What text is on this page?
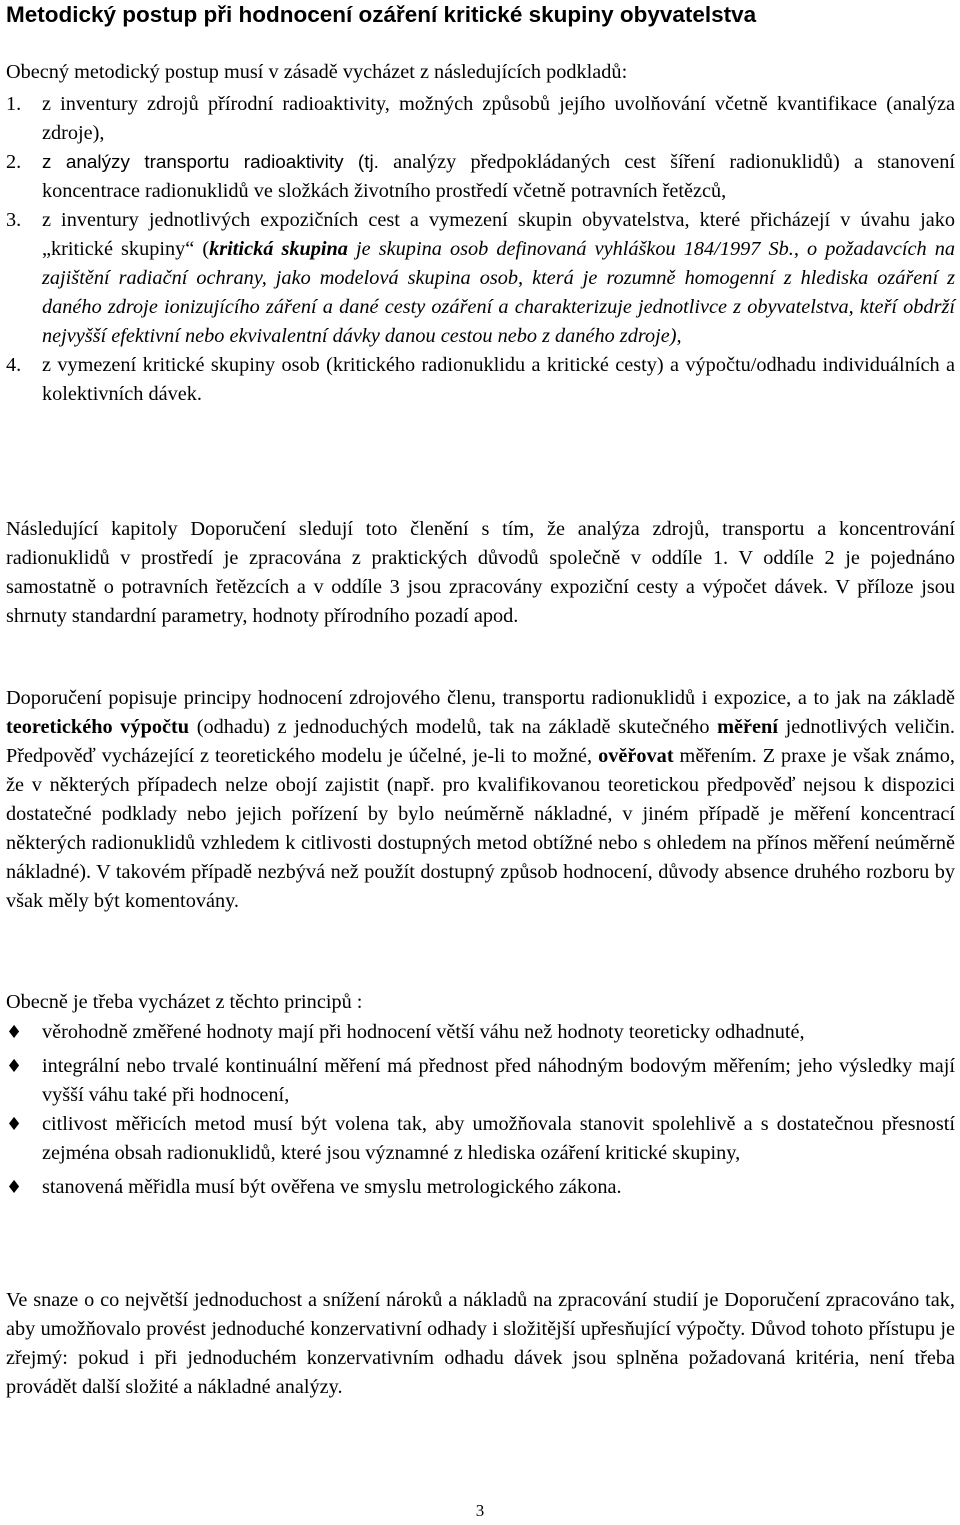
Metodický postup při hodnocení ozáření kritické skupiny obyvatelstva

Obecný metodický postup musí v zásadě vycházet z následujících podkladů:

1. z inventury zdrojů přírodní radioaktivity, možných způsobů jejího uvolňování včetně kvantifikace (analýza zdroje),
2. z analýzy transportu radioaktivity (tj. analýzy předpokládaných cest šíření radionuklidů) a stanovení koncentrace radionuklidů ve složkách životního prostředí včetně potravních řetězců,
3. z inventury jednotlivých expozičních cest a vymezení skupin obyvatelstva, které přicházejí v úvahu jako „kritické skupiny“ (kritická skupina je skupina osob definovaná vyhláškou 184/1997 Sb., o požadavcích na zajištění radiační ochrany, jako modelová skupina osob, která je rozumně homogenní z hlediska ozáření z daného zdroje ionizujícího záření a dané cesty ozáření a charakterizuje jednotlivce z obyvatelstva, kteří obdrží nejvyšší efektivní nebo ekvivalentní dávky danou cestou nebo z daného zdroje),
4. z vymezení kritické skupiny osob (kritického radionuklidu a kritické cesty) a výpočtu/odhadu individuálních a kolektivních dávek.

Následující kapitoly Doporučení sledují toto členění s tím, že analýza zdrojů, transportu a koncentrování radionuklidů v prostředí je zpracována z praktických důvodů společně v oddíle 1. V oddíle 2 je pojednáno samostatně o potravních řetězcích a v oddíle 3 jsou zpracovány expoziční cesty a výpočet dávek. V příloze jsou shrnuty standardní parametry, hodnoty přírodního pozadí apod.

Doporučení popisuje principy hodnocení zdrojového členu, transportu radionuklidů i expozice, a to jak na základě teoretického výpočtu (odhadu) z jednoduchých modelů, tak na základě skutečného měření jednotlivých veličin. Předpověď vycházející z teoretického modelu je účelné, je-li to možné, ověřovat měřením. Z praxe je však známo, že v některých případech nelze obojí zajistit (např. pro kvalifikovanou teoretickou předpověď nejsou k dispozici dostatečné podklady nebo jejich pořízení by bylo neúměrně nákladné, v jiném případě je měření koncentrací některých radionuklidů vzhledem k citlivosti dostupných metod obtížné nebo s ohledem na přínos měření neúměrně nákladné). V takovém případě nezbývá než použít dostupný způsob hodnocení, důvody absence druhého rozboru by však měly být komentovány.

Obecně je třeba vycházet z těchto principů :

♦ věrohodně změřené hodnoty mají při hodnocení větší váhu než hodnoty teoreticky odhadnuté,
♦ integrální nebo trvalé kontinuální měření má přednost před náhodným bodovým měřením; jeho výsledky mají vyšší váhu také při hodnocení,
♦ citlivost měřicích metod musí být volena tak, aby umožňovala stanovit spolehlivě a s dostatečnou přesností zejména obsah radionuklidů, které jsou významné z hlediska ozáření kritické skupiny,
♦ stanovená měřidla musí být ověřena ve smyslu metrologického zákona.

Ve snaze o co největší jednoduchost a snížení nároků a nákladů na zpracování studií je Doporučení zpracováno tak, aby umožňovalo provést jednoduché konzervativní odhady i složitější upřesňující výpočty. Důvod tohoto přístupu je zřejmý: pokud i při jednoduchém konzervativním odhadu dávek jsou splněna požadovaná kritéria, není třeba provádět další složité a nákladné analýzy.

3
